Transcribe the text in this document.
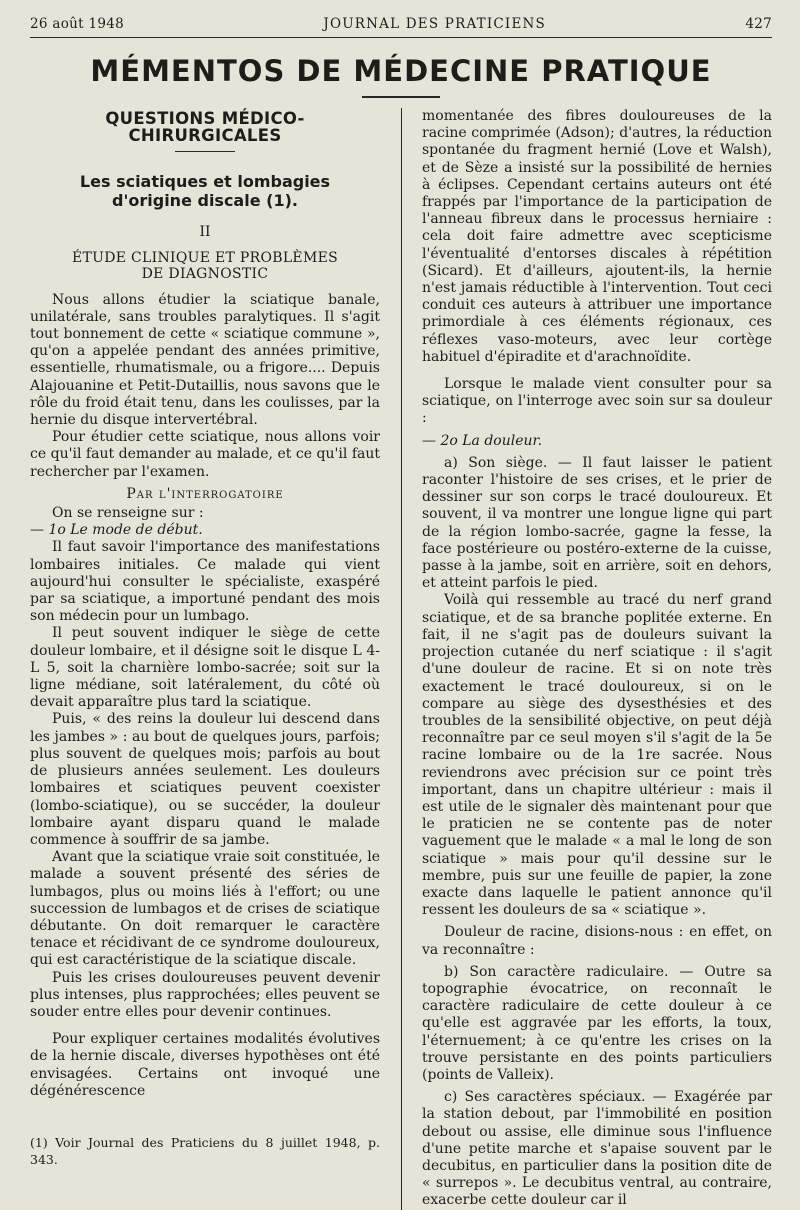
26 août 1948	JOURNAL DES PRATICIENS	427
MÉMENTOS DE MÉDECINE PRATIQUE
QUESTIONS MÉDICO-CHIRURGICALES
Les sciatiques et lombagies
d'origine discale (1).
II
ÉTUDE CLINIQUE ET PROBLÈMES
DE DIAGNOSTIC

Nous allons étudier la sciatique banale, unilatérale, sans troubles paralytiques. Il s'agit tout bonnement de cette « sciatique commune », qu'on a appelée pendant des années primitive, essentielle, rhumatismale, ou a frigore.... Depuis Alajouanine et Petit-Dutaillis, nous savons que le rôle du froid était tenu, dans les coulisses, par la hernie du disque intervertébral.

Pour étudier cette sciatique, nous allons voir ce qu'il faut demander au malade, et ce qu'il faut rechercher par l'examen.

Par l'interrogatoire

On se renseigne sur :

— 1o Le mode de début.

Il faut savoir l'importance des manifestations lombaires initiales. Ce malade qui vient aujourd'hui consulter le spécialiste, exaspéré par sa sciatique, a importuné pendant des mois son médecin pour un lumbago.

Il peut souvent indiquer le siège de cette douleur lombaire, et il désigne soit le disque L 4-L 5, soit la charnière lombo-sacrée; soit sur la ligne médiane, soit latéralement, du côté où devait apparaître plus tard la sciatique.

Puis, « des reins la douleur lui descend dans les jambes » : au bout de quelques jours, parfois; plus souvent de quelques mois; parfois au bout de plusieurs années seulement. Les douleurs lombaires et sciatiques peuvent coexister (lombo-sciatique), ou se succéder, la douleur lombaire ayant disparu quand le malade commence à souffrir de sa jambe.

Avant que la sciatique vraie soit constituée, le malade a souvent présenté des séries de lumbagos, plus ou moins liés à l'effort; ou une succession de lumbagos et de crises de sciatique débutante. On doit remarquer le caractère tenace et récidivant de ce syndrome douloureux, qui est caractéristique de la sciatique discale.

Puis les crises douloureuses peuvent devenir plus intenses, plus rapprochées; elles peuvent se souder entre elles pour devenir continues.

Pour expliquer certaines modalités évolutives de la hernie discale, diverses hypothèses ont été envisagées. Certains ont invoqué une dégénérescence

(1) Voir Journal des Praticiens du 8 juillet 1948, p. 343.

momentanée des fibres douloureuses de la racine comprimée (Adson); d'autres, la réduction spontanée du fragment hernié (Love et Walsh), et de Sèze a insisté sur la possibilité de hernies à éclipses. Cependant certains auteurs ont été frappés par l'importance de la participation de l'anneau fibreux dans le processus herniaire : cela doit faire admettre avec scepticisme l'éventualité d'entorses discales à répétition (Sicard). Et d'ailleurs, ajoutent-ils, la hernie n'est jamais réductible à l'intervention. Tout ceci conduit ces auteurs à attribuer une importance primordiale à ces éléments régionaux, ces réflexes vaso-moteurs, avec leur cortège habituel d'épiradite et d'arachnoïdite.

Lorsque le malade vient consulter pour sa sciatique, on l'interroge avec soin sur sa douleur :

— 2o La douleur.

a) Son siège. — Il faut laisser le patient raconter l'histoire de ses crises, et le prier de dessiner sur son corps le tracé douloureux. Et souvent, il va montrer une longue ligne qui part de la région lombo-sacrée, gagne la fesse, la face postérieure ou postéro-externe de la cuisse, passe à la jambe, soit en arrière, soit en dehors, et atteint parfois le pied.

Voilà qui ressemble au tracé du nerf grand sciatique, et de sa branche poplitée externe. En fait, il ne s'agit pas de douleurs suivant la projection cutanée du nerf sciatique : il s'agit d'une douleur de racine. Et si on note très exactement le tracé douloureux, si on le compare au siège des dysesthésies et des troubles de la sensibilité objective, on peut déjà reconnaître par ce seul moyen s'il s'agit de la 5e racine lombaire ou de la 1re sacrée. Nous reviendrons avec précision sur ce point très important, dans un chapitre ultérieur : mais il est utile de le signaler dès maintenant pour que le praticien ne se contente pas de noter vaguement que le malade « a mal le long de son sciatique » mais pour qu'il dessine sur le membre, puis sur une feuille de papier, la zone exacte dans laquelle le patient annonce qu'il ressent les douleurs de sa « sciatique ».

Douleur de racine, disions-nous : en effet, on va reconnaître :

b) Son caractère radiculaire. — Outre sa topographie évocatrice, on reconnaît le caractère radiculaire de cette douleur à ce qu'elle est aggravée par les efforts, la toux, l'éternuement; à ce qu'entre les crises on la trouve persistante en des points particuliers (points de Valleix).

c) Ses caractères spéciaux. — Exagérée par la station debout, par l'immobilité en position debout ou assise, elle diminue sous l'influence d'une petite marche et s'apaise souvent par le decubitus, en particulier dans la position dite de « surrepos ». Le decubitus ventral, au contraire, exacerbe cette douleur car il
